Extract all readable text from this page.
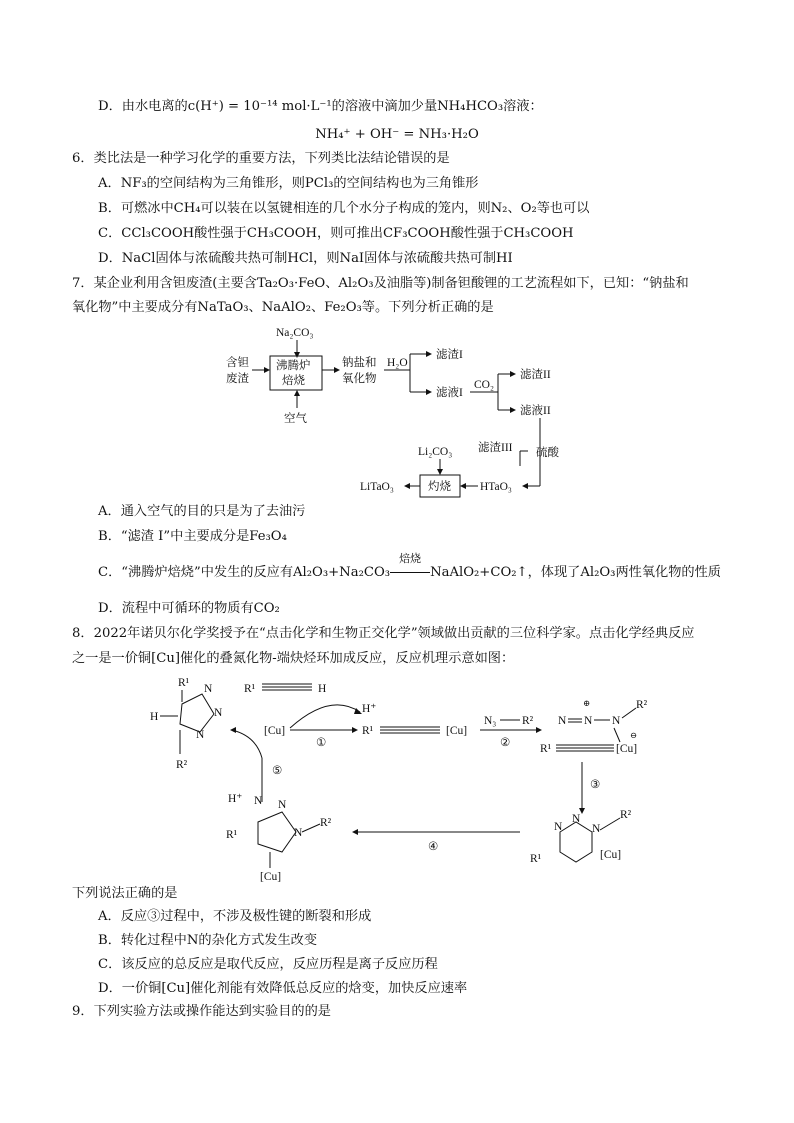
D．由水电离的c(H⁺) = 10⁻¹⁴ mol·L⁻¹的溶液中滴加少量NH₄HCO₃溶液：
NH₄⁺ + OH⁻ = NH₃·H₂O
6．类比法是一种学习化学的重要方法，下列类比法结论错误的是
A．NF₃的空间结构为三角锥形，则PCl₃的空间结构也为三角锥形
B．可燃冰中CH₄可以装在以氢键相连的几个水分子构成的笼内，则N₂、O₂等也可以
C．CCl₃COOH酸性强于CH₃COOH，则可推出CF₃COOH酸性强于CH₃COOH
D．NaCl固体与浓硫酸共热可制HCl，则NaI固体与浓硫酸共热可制HI
7．某企业利用含钽废渣(主要含Ta₂O₃·FeO、Al₂O₃及油脂等)制备钽酸锂的工艺流程如下，已知：“钠盐和
氧化物”中主要成分有NaTaO₃、NaAlO₂、Fe₂O₃等。下列分析正确的是
Na₂CO₃
含钽
废渣
沸腾炉
焙烧
空气
钠盐和
氧化物
H₂O
滤渣I
滤液I
CO₂
滤渣II
滤液II
硫酸
HTaO₃
滤渣III
灼烧
Li₂CO₃
LiTaO₃
A．通入空气的目的只是为了去油污
B．“滤渣 I”中主要成分是Fe₃O₄
C．“沸腾炉焙烧”中发生的反应有Al₂O₃+Na₂CO₃
焙烧
NaAlO₂+CO₂↑，体现了Al₂O₃两性氧化物的性质
D．流程中可循环的物质有CO₂
8．2022年诺贝尔化学奖授予在“点击化学和生物正交化学”领域做出贡献的三位科学家。点击化学经典反应
之一是一价铜[Cu]催化的叠氮化物-端炔烃环加成反应，反应机理示意如图：
R¹ N
N
N
H
R²
R¹	H
H⁺
[Cu]
①
R¹	[Cu]
N₃ R²
②
N N
⊕
N
R²
R¹	[Cu]
⊖
③
N
N
N
R²
R¹	[Cu]
④
N N
N
R²
R¹
[Cu]
H⁺
⑤
下列说法正确的是
A．反应③过程中，不涉及极性键的断裂和形成
B．转化过程中N的杂化方式发生改变
C．该反应的总反应是取代反应，反应历程是离子反应历程
D．一价铜[Cu]催化剂能有效降低总反应的焓变，加快反应速率
9．下列实验方法或操作能达到实验目的的是
